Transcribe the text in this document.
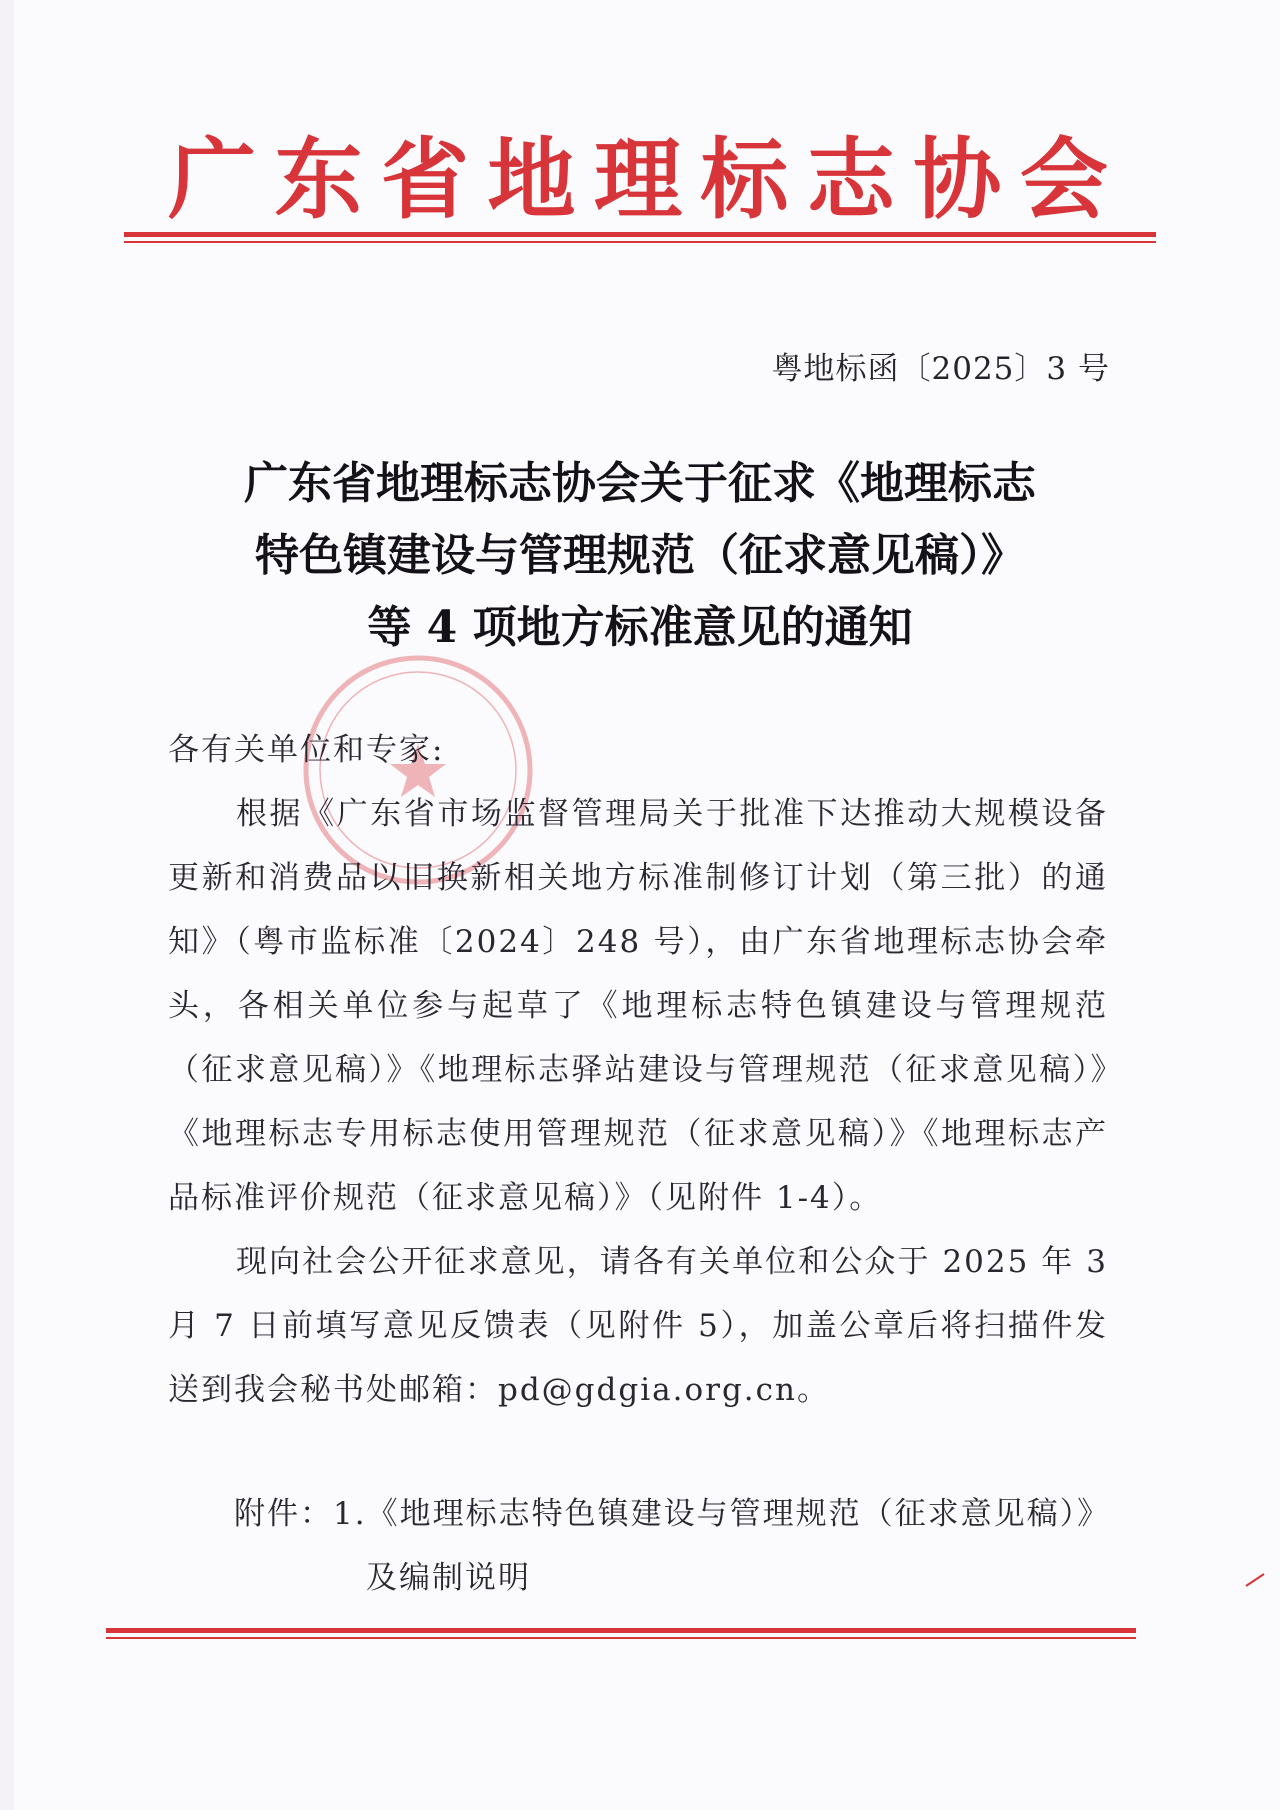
广 东 省 地 理 标 志 协 会
粤地标函〔2025〕3 号
广东省地理标志协会关于征求《地理标志
特色镇建设与管理规范（征求意见稿）》
等 4 项地方标准意见的通知
各有关单位和专家:
根据《广东省市场监督管理局关于批准下达推动大规模设备更新和消费品以旧换新相关地方标准制修订计划（第三批）的通知》（粤市监标准〔2024〕248 号），由广东省地理标志协会牵头，各相关单位参与起草了《地理标志特色镇建设与管理规范（征求意见稿）》《地理标志驿站建设与管理规范（征求意见稿）》《地理标志专用标志使用管理规范（征求意见稿）》《地理标志产品标准评价规范（征求意见稿）》（见附件 1-4）。
现向社会公开征求意见，请各有关单位和公众于 2025 年 3 月 7 日前填写意见反馈表（见附件 5），加盖公章后将扫描件发送到我会秘书处邮箱：pd@gdgia.org.cn。
附件：1.《地理标志特色镇建设与管理规范（征求意见稿）》
及编制说明
